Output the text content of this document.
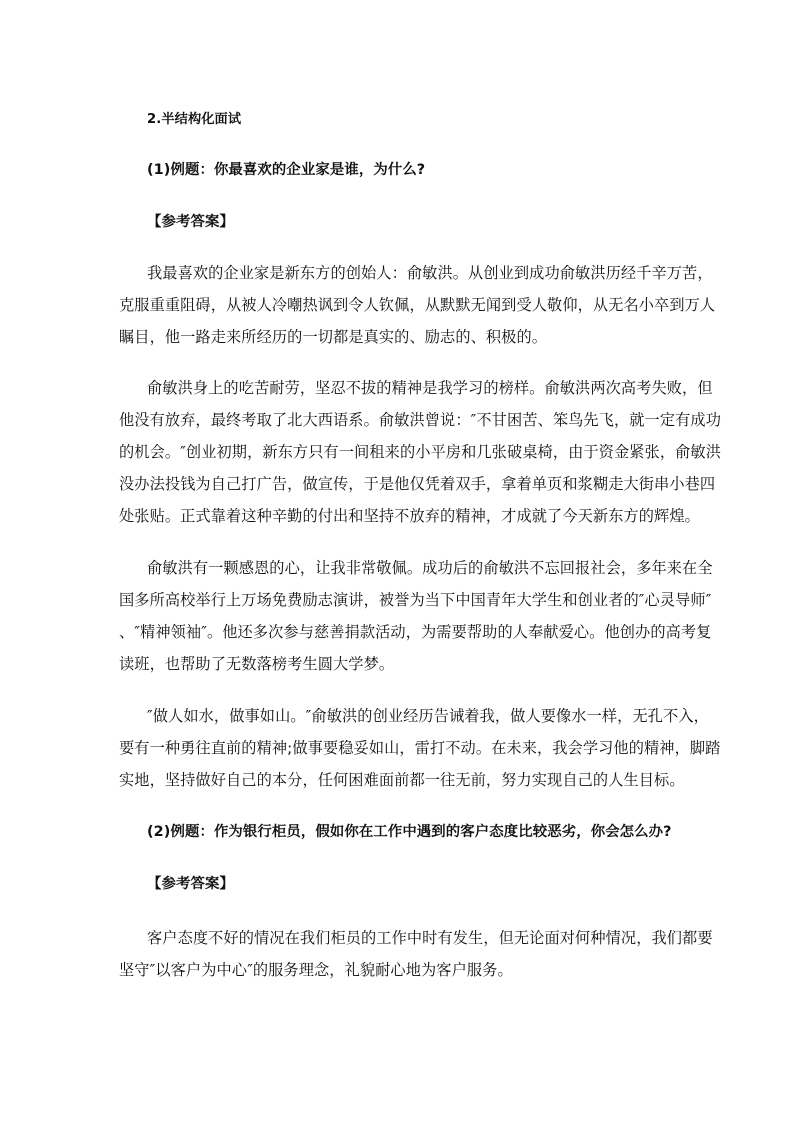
2.半结构化面试
(1)例题：你最喜欢的企业家是谁，为什么?
【参考答案】
我最喜欢的企业家是新东方的创始人：俞敏洪。从创业到成功俞敏洪历经千辛万苦，
克服重重阻碍，从被人冷嘲热讽到令人钦佩，从默默无闻到受人敬仰，从无名小卒到万人
瞩目，他一路走来所经历的一切都是真实的、励志的、积极的。
俞敏洪身上的吃苦耐劳，坚忍不拔的精神是我学习的榜样。俞敏洪两次高考失败，但
他没有放弃，最终考取了北大西语系。俞敏洪曾说：″不甘困苦、笨鸟先飞，就一定有成功
的机会。″创业初期，新东方只有一间租来的小平房和几张破桌椅，由于资金紧张，俞敏洪
没办法投钱为自己打广告，做宣传，于是他仅凭着双手，拿着单页和浆糊走大街串小巷四
处张贴。正式靠着这种辛勤的付出和坚持不放弃的精神，才成就了今天新东方的辉煌。
俞敏洪有一颗感恩的心，让我非常敬佩。成功后的俞敏洪不忘回报社会，多年来在全
国多所高校举行上万场免费励志演讲，被誉为当下中国青年大学生和创业者的″心灵导师″
、″精神领袖″。他还多次参与慈善捐款活动，为需要帮助的人奉献爱心。他创办的高考复
读班，也帮助了无数落榜考生圆大学梦。
″做人如水，做事如山。″俞敏洪的创业经历告诫着我，做人要像水一样，无孔不入，
要有一种勇往直前的精神;做事要稳妥如山，雷打不动。在未来，我会学习他的精神，脚踏
实地，坚持做好自己的本分，任何困难面前都一往无前，努力实现自己的人生目标。
(2)例题：作为银行柜员，假如你在工作中遇到的客户态度比较恶劣，你会怎么办?
【参考答案】
客户态度不好的情况在我们柜员的工作中时有发生，但无论面对何种情况，我们都要
坚守″以客户为中心″的服务理念，礼貌耐心地为客户服务。
